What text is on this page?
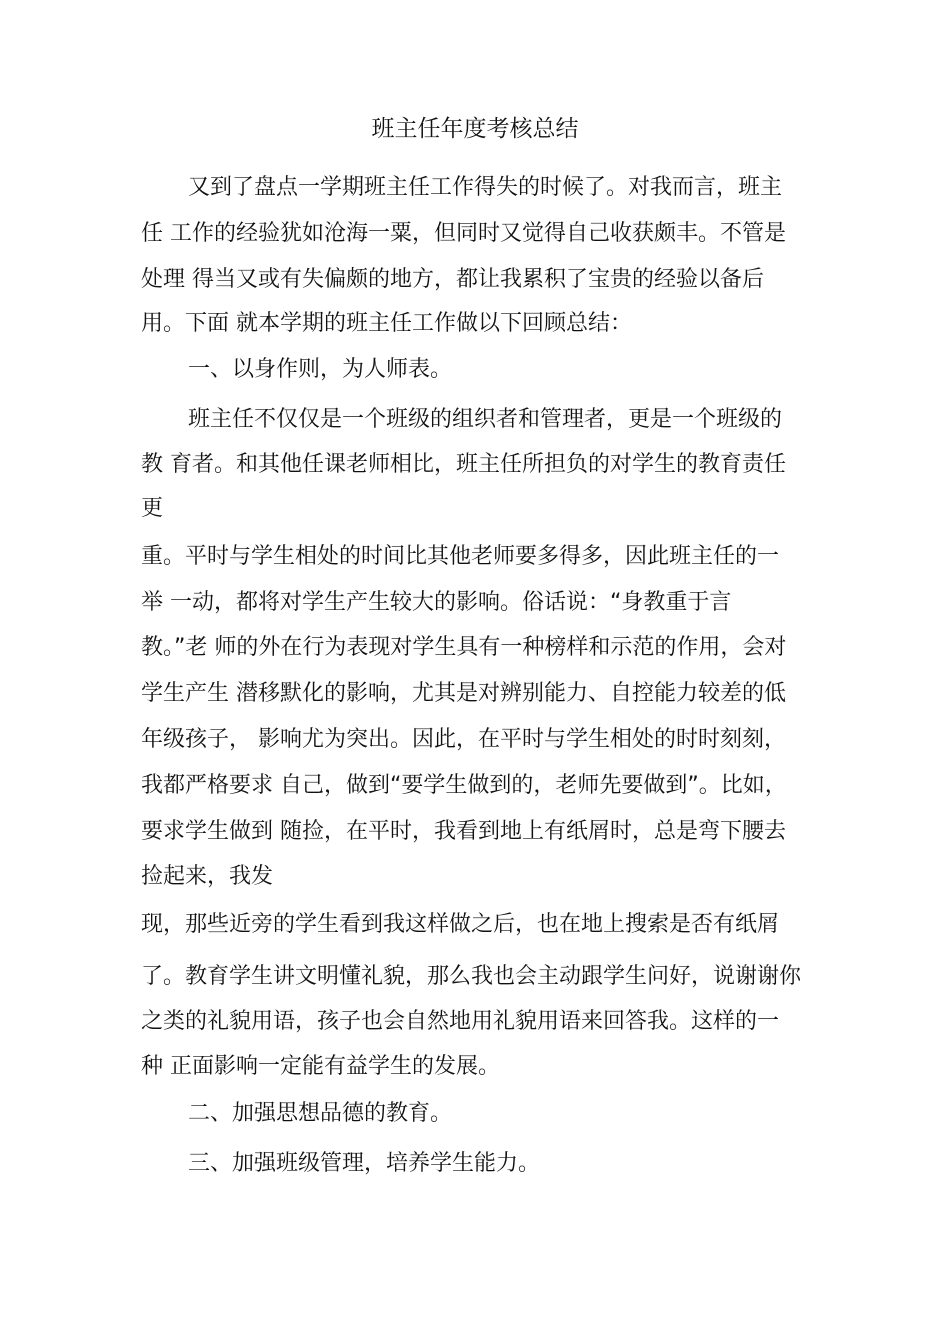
班主任年度考核总结
又到了盘点一学期班主任工作得失的时候了。对我而言，班主
任 工作的经验犹如沧海一粟，但同时又觉得自己收获颇丰。不管是
处理 得当又或有失偏颇的地方，都让我累积了宝贵的经验以备后
用。下面 就本学期的班主任工作做以下回顾总结：
一、以身作则，为人师表。
班主任不仅仅是一个班级的组织者和管理者，更是一个班级的
教 育者。和其他任课老师相比，班主任所担负的对学生的教育责任
更
重。平时与学生相处的时间比其他老师要多得多，因此班主任的一
举 一动，都将对学生产生较大的影响。俗话说：“身教重于言
教。”老 师的外在行为表现对学生具有一种榜样和示范的作用，会对
学生产生 潜移默化的影响，尤其是对辨别能力、自控能力较差的低
年级孩子， 影响尤为突出。因此，在平时与学生相处的时时刻刻，
我都严格要求 自己，做到“要学生做到的，老师先要做到”。比如，
要求学生做到 随捡，在平时，我看到地上有纸屑时，总是弯下腰去
捡起来，我发
现，那些近旁的学生看到我这样做之后，也在地上搜索是否有纸屑
了。教育学生讲文明懂礼貌，那么我也会主动跟学生问好，说谢谢你
之类的礼貌用语，孩子也会自然地用礼貌用语来回答我。这样的一
种 正面影响一定能有益学生的发展。
二、加强思想品德的教育。
三、加强班级管理，培养学生能力。
